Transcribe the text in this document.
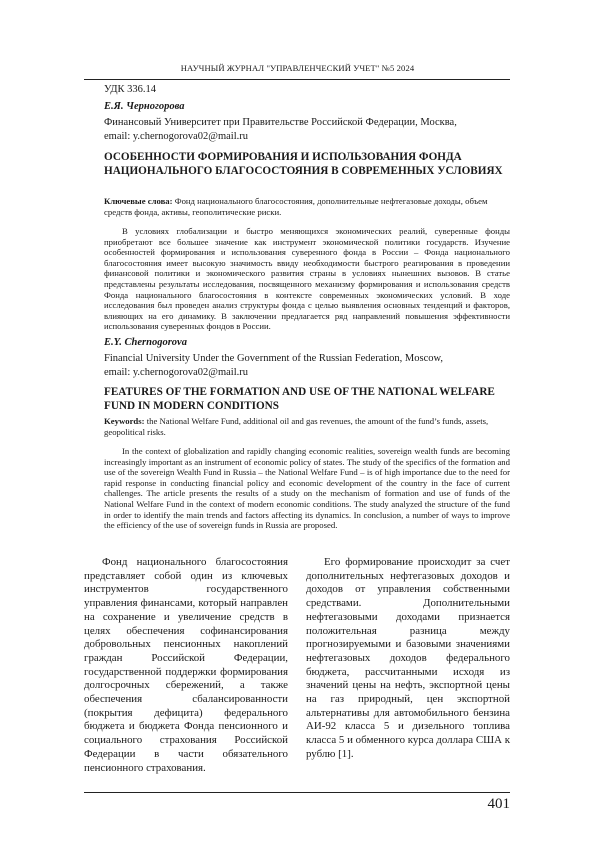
НАУЧНЫЙ ЖУРНАЛ "УПРАВЛЕНЧЕСКИЙ УЧЕТ" №5 2024
УДК 336.14
Е.Я. Черногорова
Финансовый Университет при Правительстве Российской Федерации, Москва,
email: y.chernogorova02@mail.ru
ОСОБЕННОСТИ ФОРМИРОВАНИЯ И ИСПОЛЬЗОВАНИЯ ФОНДА НАЦИОНАЛЬНОГО БЛАГОСОСТОЯНИЯ В СОВРЕМЕННЫХ УСЛОВИЯХ
Ключевые слова: Фонд национального благосостояния, дополнительные нефтегазовые доходы, объем средств фонда, активы, геополитические риски.

В условиях глобализации и быстро меняющихся экономических реалий, суверенные фонды приобретают все большее значение как инструмент экономической политики государств. Изучение особенностей формирования и использования суверенного фонда в России – Фонда национального благосостояния имеет высокую значимость ввиду необходимости быстрого реагирования в проведении финансовой политики и экономического развития страны в условиях нынешних вызовов. В статье представлены результаты исследования, посвященного механизму формирования и использования средств Фонда национального благосостояния в контексте современных экономических условий. В ходе исследования был проведен анализ структуры фонда с целью выявления основных тенденций и факторов, влияющих на его динамику. В заключении предлагается ряд направлений повышения эффективности использования суверенных фондов в России.

E.Y. Chernogorova
Financial University Under the Government of the Russian Federation, Moscow,
email: y.chernogorova02@mail.ru
FEATURES OF THE FORMATION AND USE OF THE NATIONAL WELFARE FUND IN MODERN CONDITIONS
Keywords: the National Welfare Fund, additional oil and gas revenues, the amount of the fund’s funds, assets, geopolitical risks.

In the context of globalization and rapidly changing economic realities, sovereign wealth funds are becoming increasingly important as an instrument of economic policy of states. The study of the specifics of the formation and use of the sovereign Wealth Fund in Russia – the National Welfare Fund – is of high importance due to the need for rapid response in conducting financial policy and economic development of the country in the face of current challenges. The article presents the results of a study on the mechanism of formation and use of funds of the National Welfare Fund in the context of modern economic conditions. The study analyzed the structure of the fund in order to identify the main trends and factors affecting its dynamics. In conclusion, a number of ways to improve the efficiency of the use of sovereign funds in Russia are proposed.

Фонд национального благосостояния представляет собой один из ключевых инструментов государственного управления финансами, который направлен на сохранение и увеличение средств в целях обеспечения софинансирования добровольных пенсионных накоплений граждан Российской Федерации, государственной поддержки формирования долгосрочных сбережений, а также обеспечения сбалансированности (покрытия дефицита) федерального бюджета и бюджета Фонда пенсионного и социального страхования Российской Федерации в части обязательного пенсионного страхования.

Его формирование происходит за счет дополнительных нефтегазовых доходов и доходов от управления собственными средствами. Дополнительными нефтегазовыми доходами признается положительная разница между прогнозируемыми и базовыми значениями нефтегазовых доходов федерального бюджета, рассчитанными исходя из значений цены на нефть, экспортной цены на газ природный, цен экспортной альтернативы для автомобильного бензина АИ-92 класса 5 и дизельного топлива класса 5 и обменного курса доллара США к рублю [1].

401
